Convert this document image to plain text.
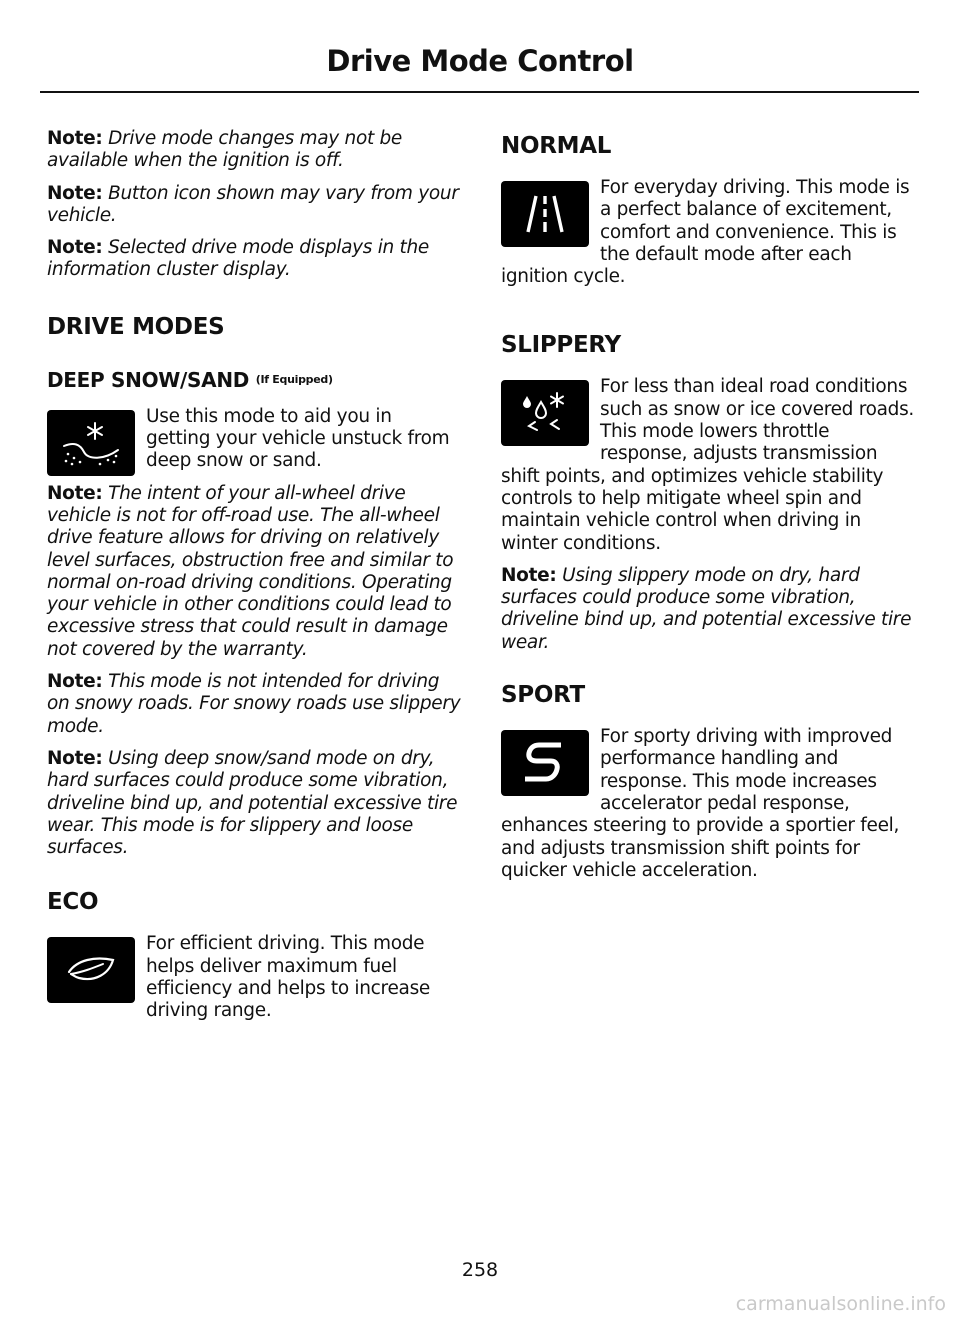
Drive Mode Control

Note: Drive mode changes may not be available when the ignition is off.

Note: Button icon shown may vary from your vehicle.

Note: Selected drive mode displays in the information cluster display.

DRIVE MODES
DEEP SNOW/SAND $^{(If Equipped)}$

Use this mode to aid you in getting your vehicle unstuck from deep snow or sand.

Note: The intent of your all-wheel drive vehicle is not for off-road use. The all-wheel drive feature allows for driving on relatively level surfaces, obstruction free and similar to normal on-road driving conditions. Operating your vehicle in other conditions could lead to excessive stress that could result in damage not covered by the warranty.

Note: This mode is not intended for driving on snowy roads. For snowy roads use slippery mode.

Note: Using deep snow/sand mode on dry, hard surfaces could produce some vibration, driveline bind up, and potential excessive tire wear. This mode is for slippery and loose surfaces.

ECO

For efficient driving. This mode helps deliver maximum fuel efficiency and helps to increase driving range.

NORMAL

For everyday driving. This mode is a perfect balance of excitement, comfort and convenience. This is the default mode after each ignition cycle.

SLIPPERY

For less than ideal road conditions such as snow or ice covered roads. This mode lowers throttle response, adjusts transmission shift points, and optimizes vehicle stability controls to help mitigate wheel spin and maintain vehicle control when driving in winter conditions.

Note: Using slippery mode on dry, hard surfaces could produce some vibration, driveline bind up, and potential excessive tire wear.

SPORT

For sporty driving with improved performance handling and response. This mode increases accelerator pedal response, enhances steering to provide a sportier feel, and adjusts transmission shift points for quicker vehicle acceleration.

258
carmanualsonline.info
